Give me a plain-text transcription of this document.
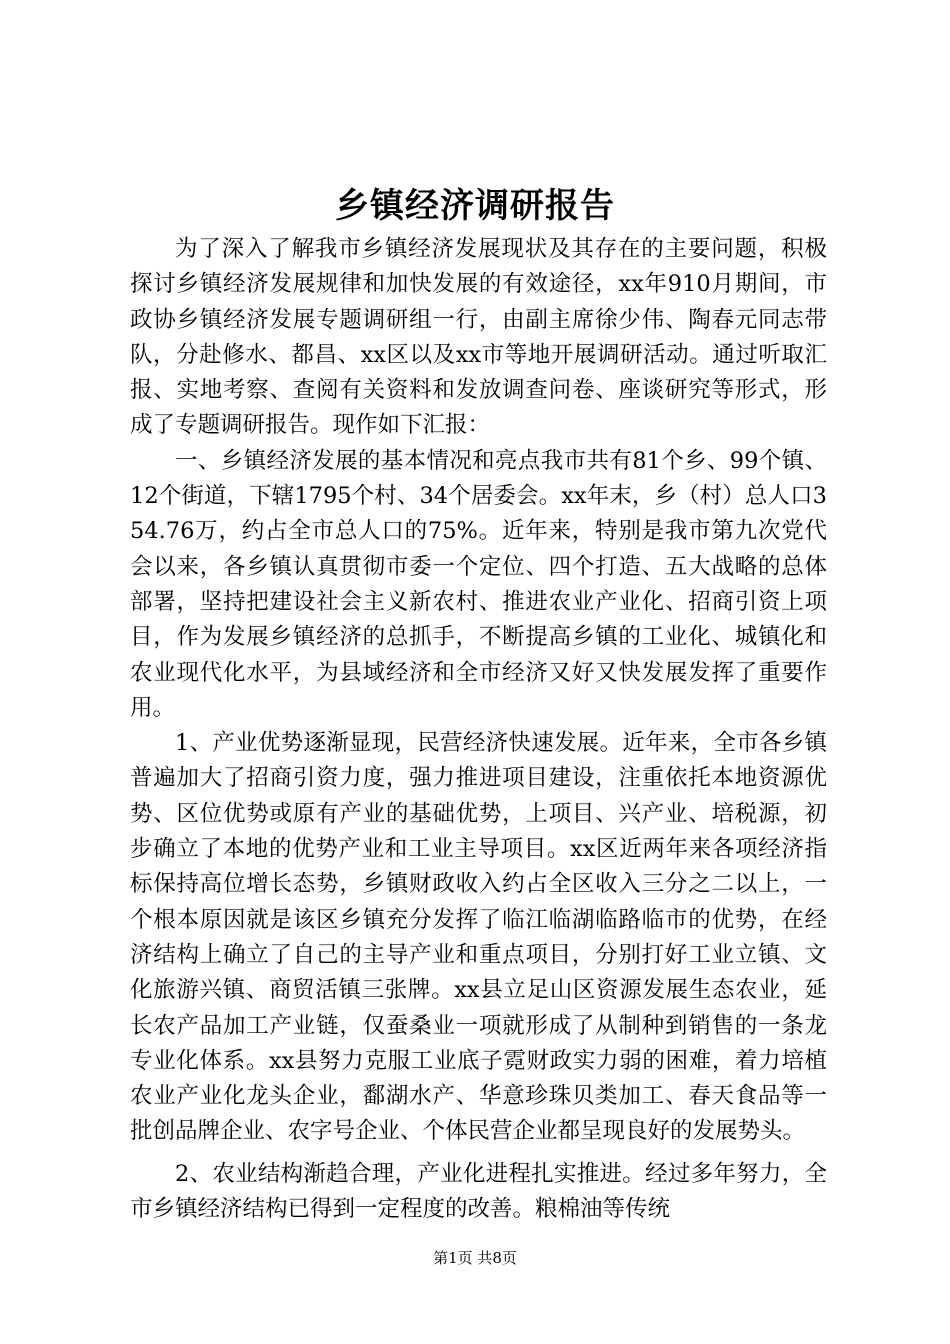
乡镇经济调研报告

为了深入了解我市乡镇经济发展现状及其存在的主要问题，积极探讨乡镇经济发展规律和加快发展的有效途径，xx年910月期间，市政协乡镇经济发展专题调研组一行，由副主席徐少伟、陶春元同志带队，分赴修水、都昌、xx区以及xx市等地开展调研活动。通过听取汇报、实地考察、查阅有关资料和发放调查问卷、座谈研究等形式，形成了专题调研报告。现作如下汇报：

一、乡镇经济发展的基本情况和亮点我市共有81个乡、99个镇、12个街道，下辖1795个村、34个居委会。xx年末，乡（村）总人口354.76万，约占全市总人口的75%。近年来，特别是我市第九次党代会以来，各乡镇认真贯彻市委一个定位、四个打造、五大战略的总体部署，坚持把建设社会主义新农村、推进农业产业化、招商引资上项目，作为发展乡镇经济的总抓手，不断提高乡镇的工业化、城镇化和农业现代化水平，为县域经济和全市经济又好又快发展发挥了重要作用。

1、产业优势逐渐显现，民营经济快速发展。近年来，全市各乡镇普遍加大了招商引资力度，强力推进项目建设，注重依托本地资源优势、区位优势或原有产业的基础优势，上项目、兴产业、培税源，初步确立了本地的优势产业和工业主导项目。xx区近两年来各项经济指标保持高位增长态势，乡镇财政收入约占全区收入三分之二以上，一个根本原因就是该区乡镇充分发挥了临江临湖临路临市的优势，在经济结构上确立了自己的主导产业和重点项目，分别打好工业立镇、文化旅游兴镇、商贸活镇三张牌。xx县立足山区资源发展生态农业，延长农产品加工产业链，仅蚕桑业一项就形成了从制种到销售的一条龙专业化体系。xx县努力克服工业底子霓财政实力弱的困难，着力培植农业产业化龙头企业，鄱湖水产、华意珍珠贝类加工、春天食品等一批创品牌企业、农字号企业、个体民营企业都呈现良好的发展势头。

2、农业结构渐趋合理，产业化进程扎实推进。经过多年努力，全市乡镇经济结构已得到一定程度的改善。粮棉油等传统

第1页 共8页
